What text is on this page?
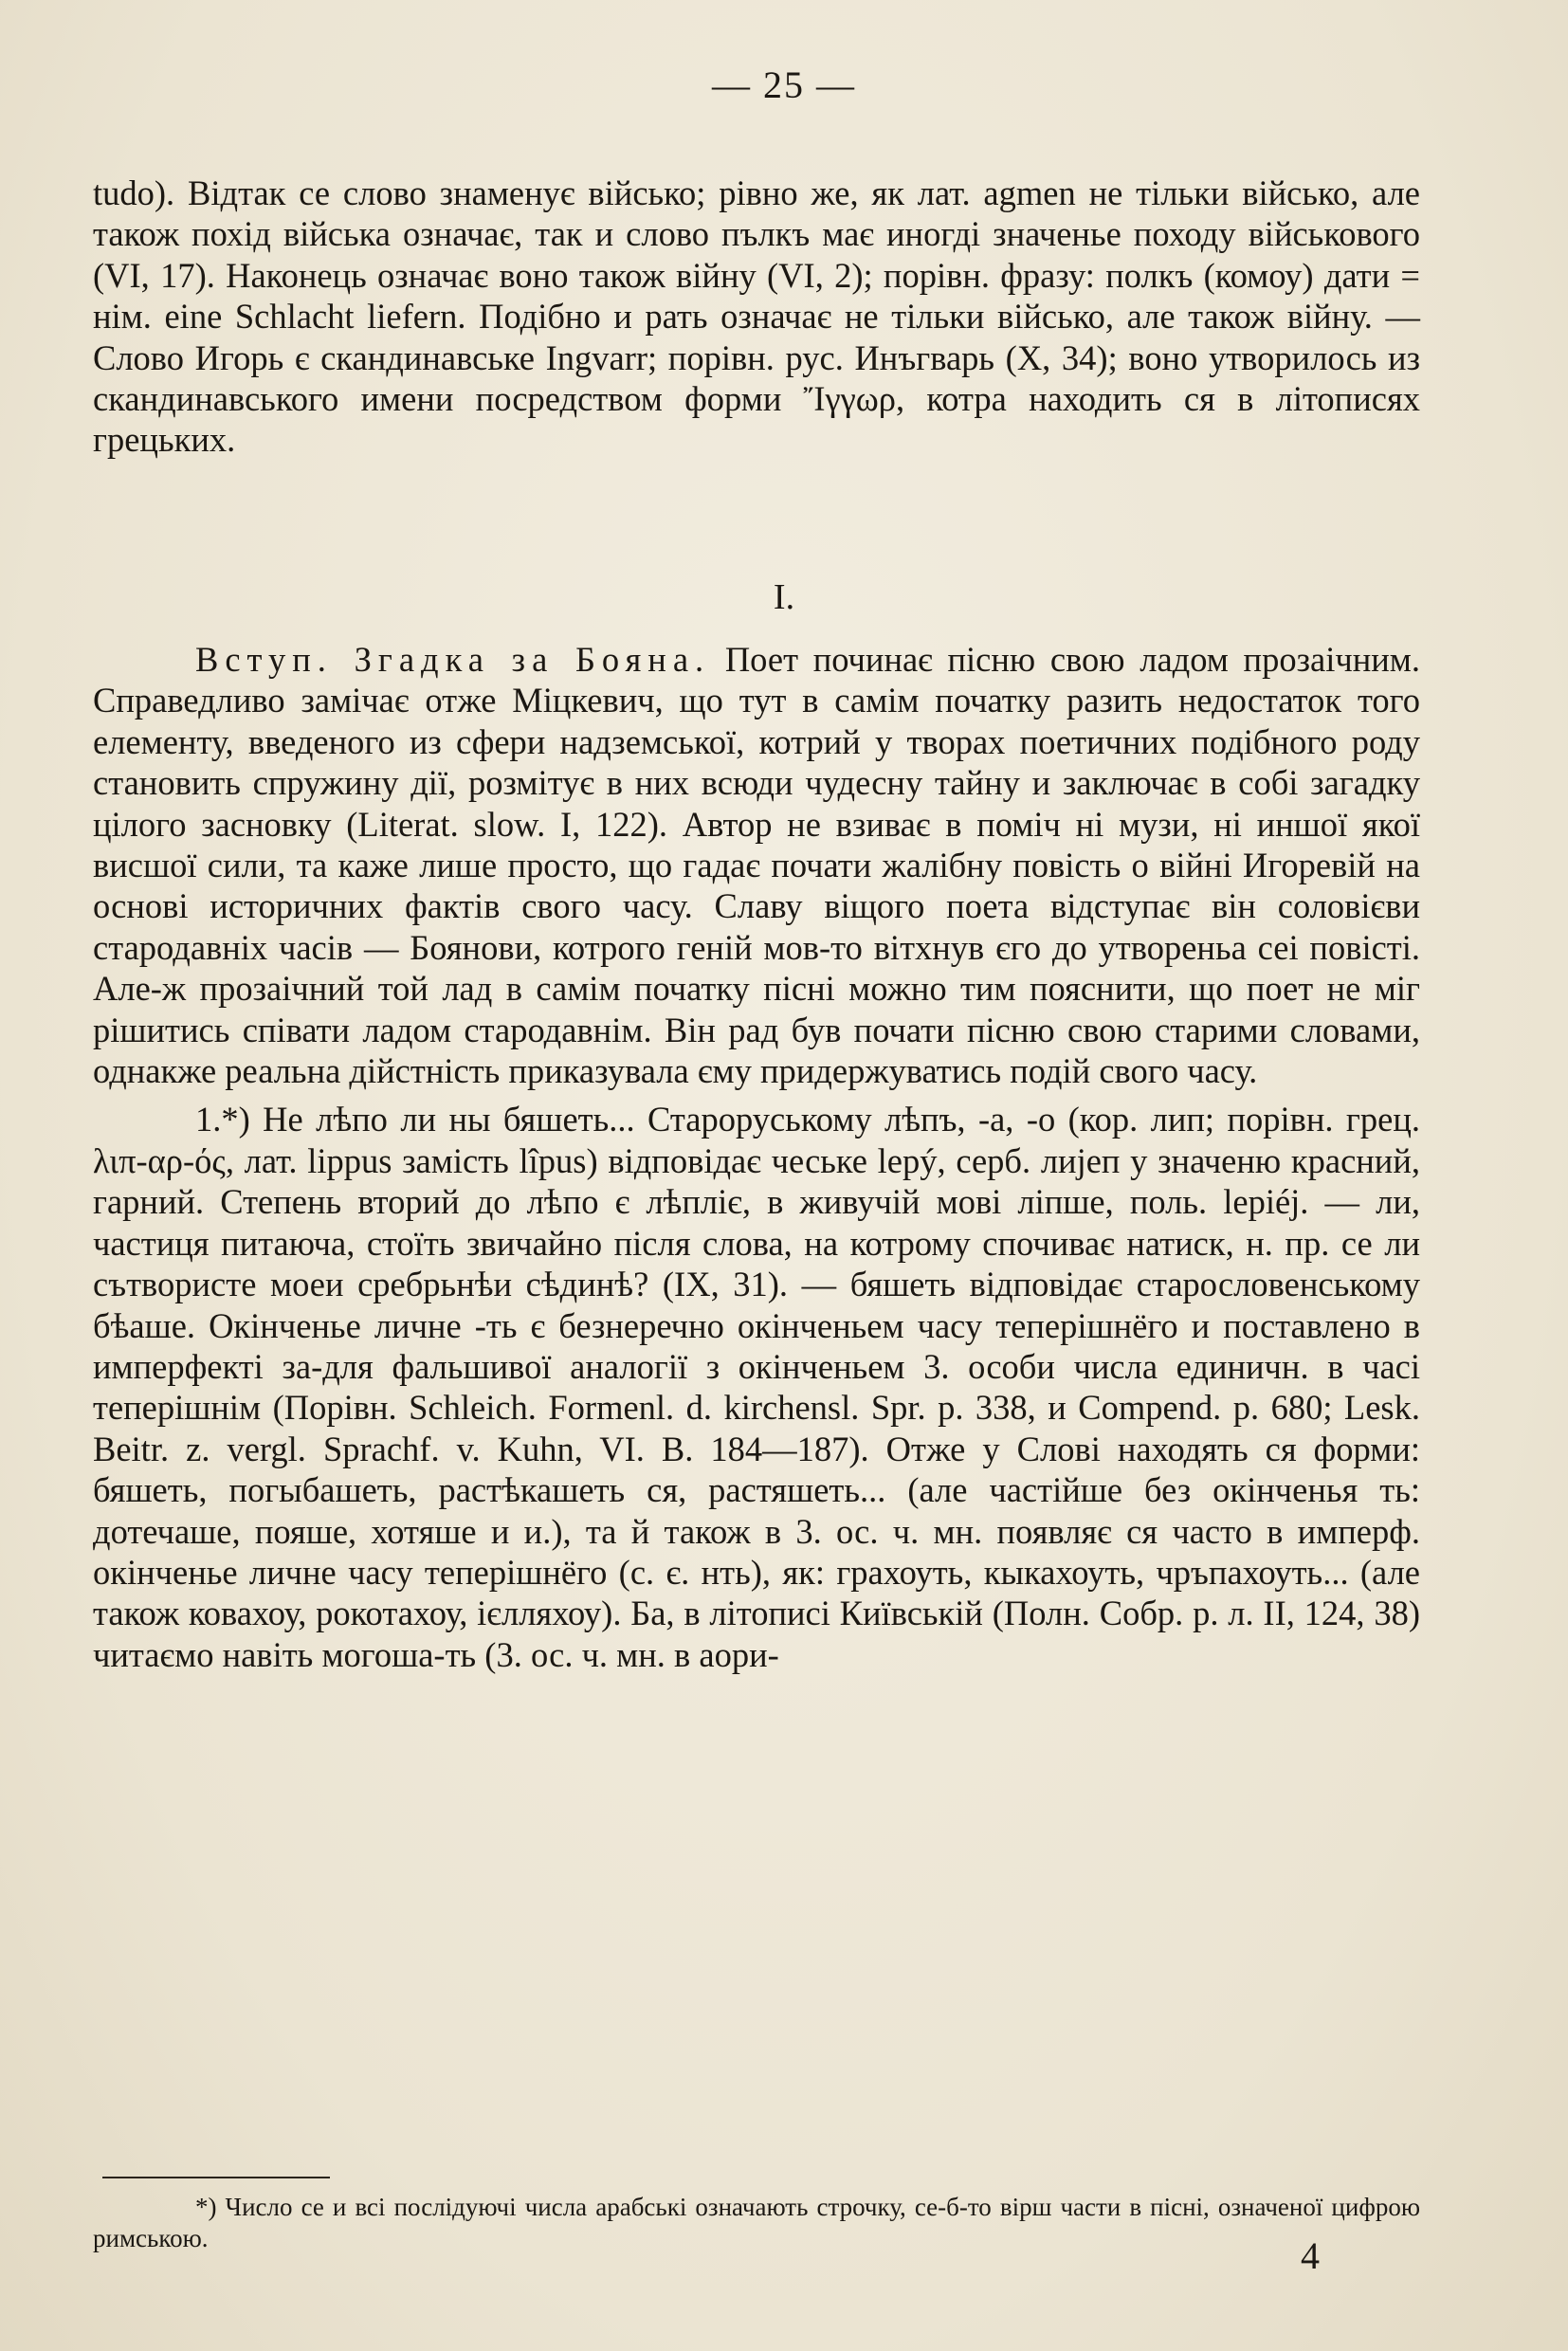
— 25 —

tudo). Відтак се слово знаменує військо; рівно же, як лат. agmen не тільки військо, але також похід війська означає, так и слово пълкъ має иногді значенье походу військового (VI, 17). Наконець означає воно також війну (VI, 2); порівн. фразу: полкъ (комоу) дати = нім. eine Schlacht liefern. Подібно и рать означає не тільки військо, але також війну. — Слово Игорь є скандинавське Ingvarr; порівн. рус. Инъгварь (X, 34); воно утворилось из скандинавського имени посредством форми Ἴγγωρ, котра находить ся в літописях грецьких.

I.

Вступ. Згадка за Бояна. Поет починає пісню свою ладом прозаічним. Справедливо замічає отже Міцкевич, що тут в самім початку разить недостаток того елементу, введеного из сфери надземської, котрий у творах поетичних подібного роду становить спружину дії, розмітує в них всюди чудесну тайну и заключає в собі загадку цілого засновку (Literat. slow. I, 122). Автор не взиває в поміч ні музи, ні иншої якої висшої сили, та каже лише просто, що гадає почати жалібну повість о війні Игоревій на основі историчних фактів свого часу. Славу віщого поета відступає він соловієви стародавніх часів — Боянови, котрого геній мов-то вітхнув єго до утвореньа сеі повісті. Але-ж прозаічний той лад в самім початку пісні можно тим пояснити, що поет не міг рішитись співати ладом стародавнім. Він рад був почати пісню свою старими словами, однакже реальна дійстність приказувала єму придержуватись подій свого часу.

1.*) Не лѣпо ли ны бяшеть... Староруському лѣпъ, -а, -о (кор. лип; порівн. грец. λιπ-αρ-ός, лат. lippus замість lîpus) відповідає чеське lepý, серб. лијеп у значеню красний, гарний. Степень вторий до лѣпо є лѣпліє, в живучій мові ліпше, поль. lepiéj. — ли, частиця питаюча, стоїть звичайно після слова, на котрому спочиває натиск, н. пр. се ли сътвористе моеи сребрьнѣи сѣдинѣ? (IX, 31). — бяшеть відповідає старословенському бѣаше. Окінченье личне -ть є безнеречно окінченьем часу теперішнёго и поставлено в имперфекті за-для фальшивої аналогії з окінченьем 3. особи числа единичн. в часі теперішнім (Порівн. Schleich. Formenl. d. kirchensl. Spr. p. 338, и Compend. p. 680; Lesk. Beitr. z. vergl. Sprachf. v. Kuhn, VI. B. 184—187). Отже у Слові находять ся форми: бяшеть, погыбашеть, растѣкашеть ся, растяшеть... (але частійше без окінченья ть: дотечаше, пояше, хотяше и и.), та й також в 3. ос. ч. мн. появляє ся часто в имперф. окінченье личне часу теперішнёго (с. є. нть), як: грахоуть, кыкахоуть, чръпахоуть... (але також ковахоу, рокотахоу, ієлляхоу). Ба, в літописі Київській (Полн. Собр. р. л. II, 124, 38) читаємо навіть могоша-ть (3. ос. ч. мн. в аори-

*) Число се и всі послідуючі числа арабські означають строчку, се-б-то вірш части в пісні, означеної цифрою римською.	4
